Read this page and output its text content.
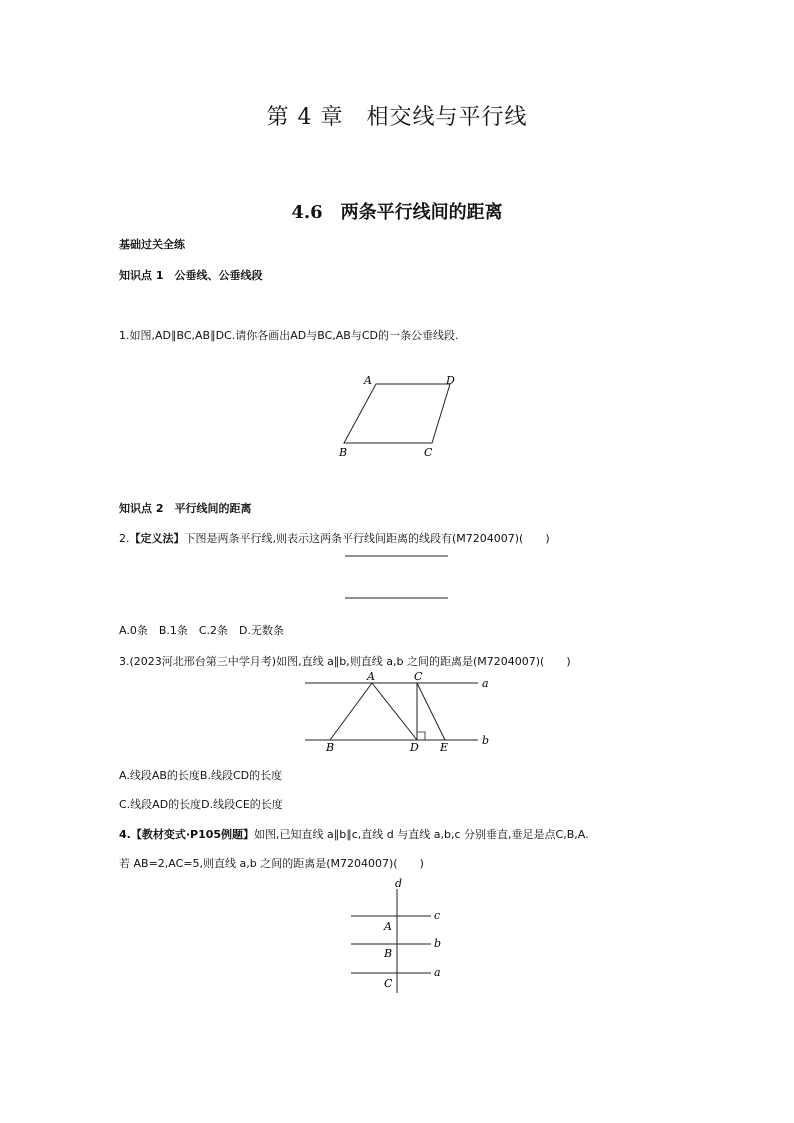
第 4 章　相交线与平行线
4.6　两条平行线间的距离
基础过关全练
知识点 1　公垂线、公垂线段
1.如图,AD∥BC,AB∥DC.请你各画出AD与BC,AB与CD的一条公垂线段.
A	D
B	C
知识点 2　平行线间的距离
2.【定义法】下图是两条平行线,则表示这两条平行线间距离的线段有(M7204007)(　　)
A.0条　B.1条　C.2条　D.无数条
3.(2023河北邢台第三中学月考)如图,直线 a∥b,则直线 a,b 之间的距离是(M7204007)(　　)
A	C
a
B	D E
b
A.线段AB的长度B.线段CD的长度
C.线段AD的长度D.线段CE的长度
4.【教材变式·P105例题】如图,已知直线 a∥b∥c,直线 d 与直线 a,b,c 分别垂直,垂足是点C,B,A.
若 AB=2,AC=5,则直线 a,b 之间的距离是(M7204007)(　　)
d
c
A
b
B
a
C
